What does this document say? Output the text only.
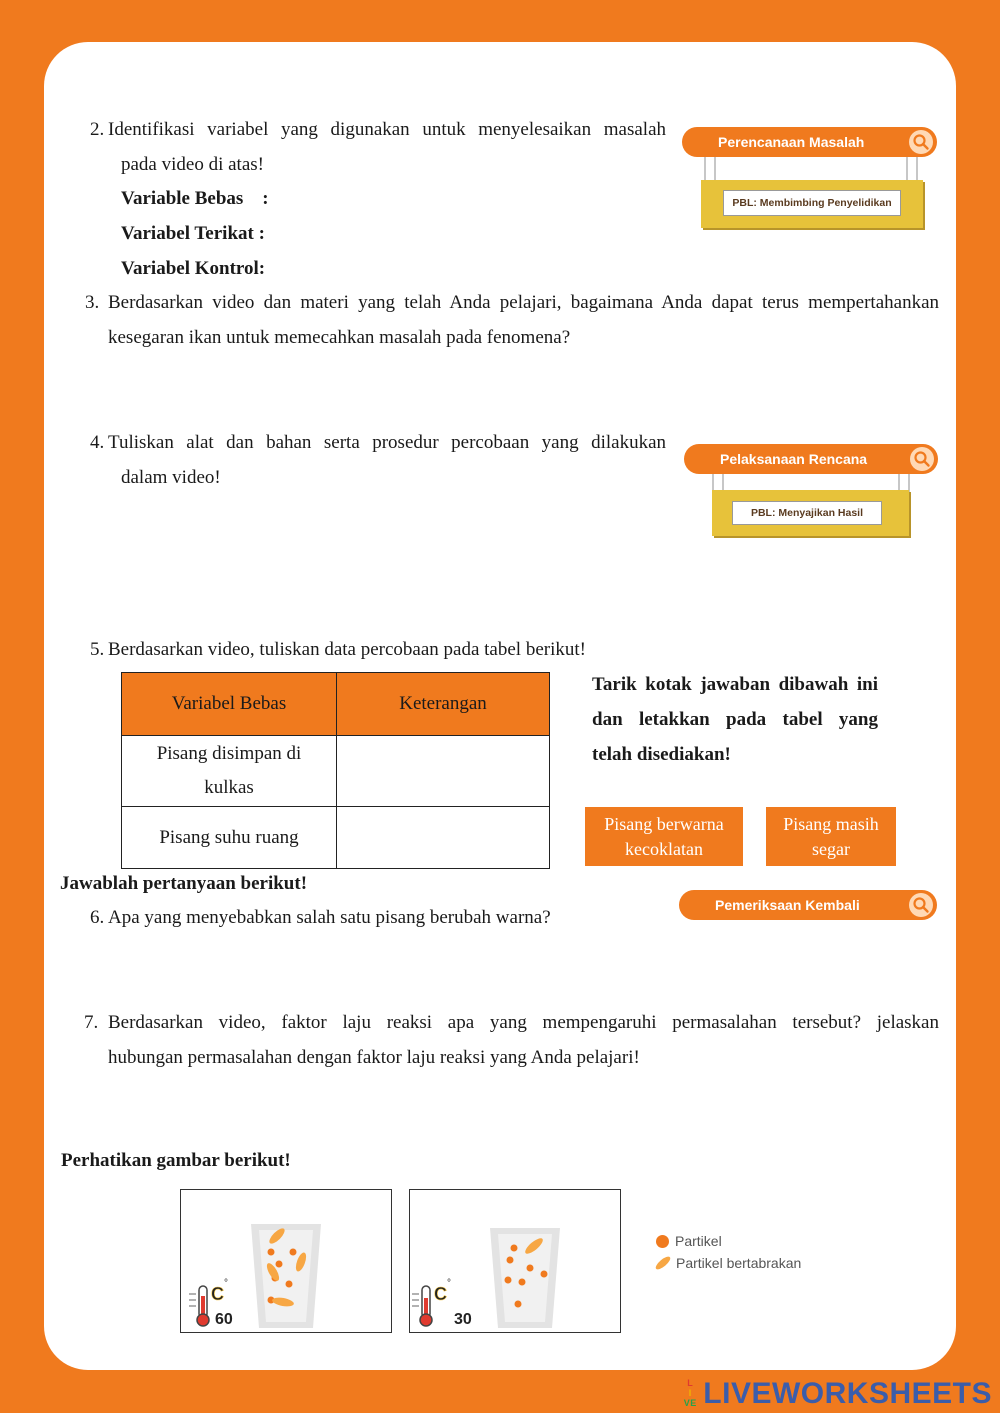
2. Identifikasi variabel yang digunakan untuk menyelesaikan masalah
pada video di atas!
Variable Bebas    :
Variabel Terikat :
Variabel Kontrol:
Perencanaan Masalah
PBL: Membimbing Penyelidikan
3. Berdasarkan video dan materi yang telah Anda pelajari, bagaimana Anda dapat terus mempertahankan
kesegaran ikan untuk memecahkan masalah pada fenomena?
4. Tuliskan alat dan bahan serta prosedur percobaan yang dilakukan
dalam video!
Pelaksanaan Rencana
PBL: Menyajikan Hasil
5. Berdasarkan video, tuliskan data percobaan pada tabel berikut!
Variabel Bebas	Keterangan

Pisang disimpan di
kulkas	

Pisang suhu ruang	
Tarik kotak jawaban dibawah ini
dan letakkan pada tabel yang
telah disediakan!
Pisang berwarna
kecoklatan
Pisang masih
segar
Jawablah pertanyaan berikut!
Pemeriksaan Kembali
6. Apa yang menyebabkan salah satu pisang berubah warna?
7. Berdasarkan video, faktor laju reaksi apa yang mempengaruhi permasalahan tersebut? jelaskan
hubungan permasalahan dengan faktor laju reaksi yang Anda pelajari!
Perhatikan gambar berikut!
C
°
60
C
°
30
Partikel
Partikel bertabrakan
L
I
VE LIVEWORKSHEETS
